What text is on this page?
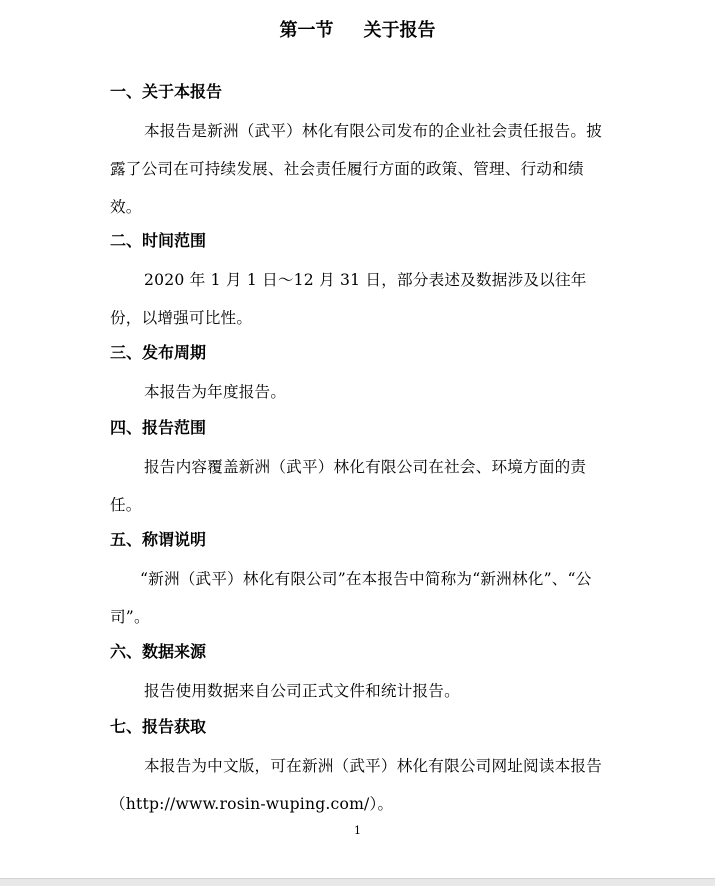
第一节 关于报告
一、关于本报告
本报告是新洲（武平）林化有限公司发布的企业社会责任报告。披露了公司在可持续发展、社会责任履行方面的政策、管理、行动和绩效。
二、时间范围
2020 年 1 月 1 日～12 月 31 日，部分表述及数据涉及以往年份，以增强可比性。
三、发布周期
本报告为年度报告。
四、报告范围
报告内容覆盖新洲（武平）林化有限公司在社会、环境方面的责任。
五、称谓说明
“新洲（武平）林化有限公司”在本报告中简称为“新洲林化”、“公司”。
六、数据来源
报告使用数据来自公司正式文件和统计报告。
七、报告获取
本报告为中文版，可在新洲（武平）林化有限公司网址阅读本报告（http://www.rosin-wuping.com/）。
1
